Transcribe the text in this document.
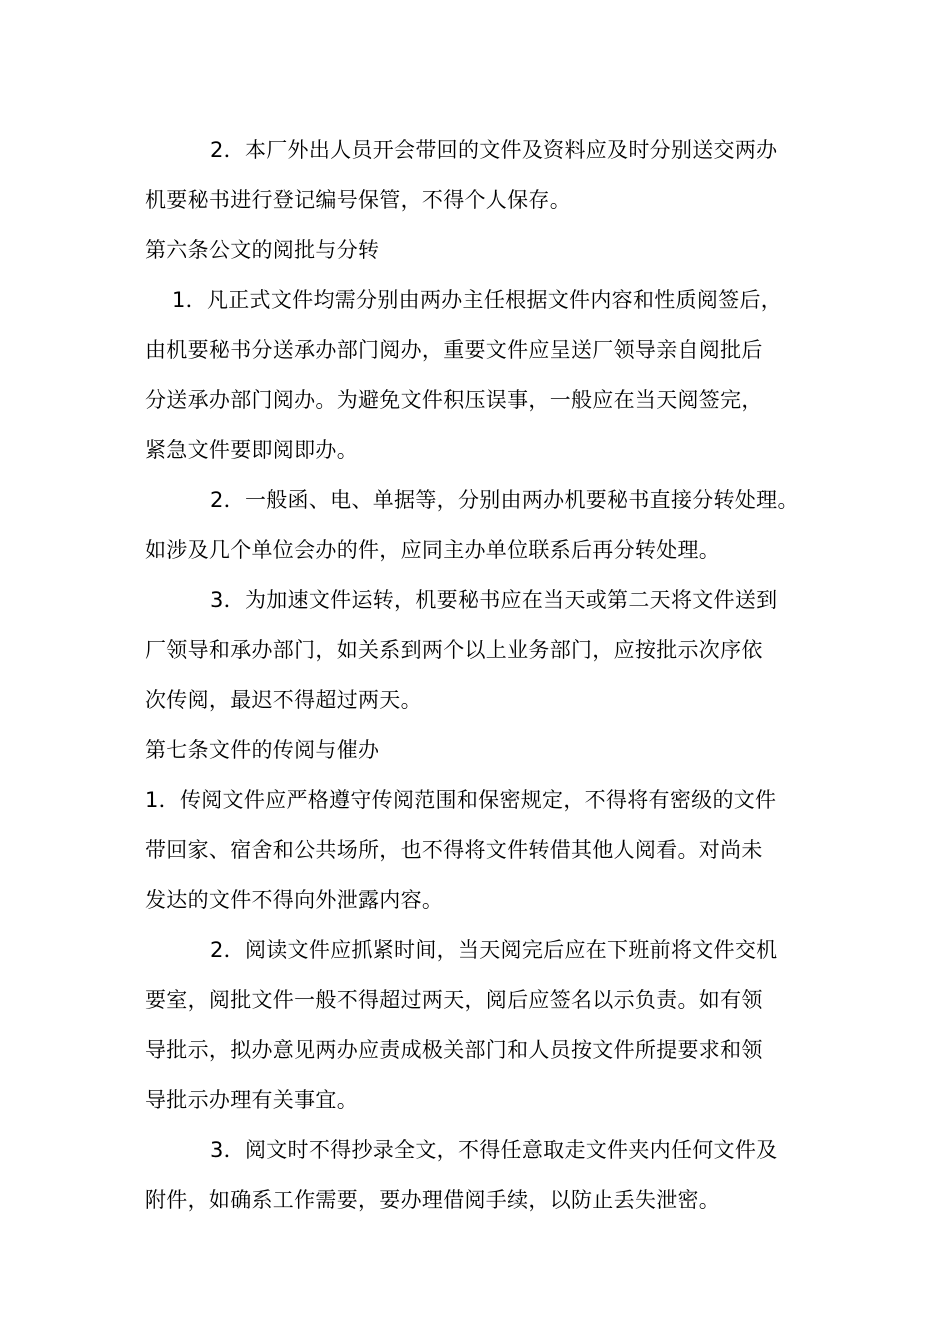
2．本厂外出人员开会带回的文件及资料应及时分别送交两办
机要秘书进行登记编号保管，不得个人保存。
第六条公文的阅批与分转
1．凡正式文件均需分别由两办主任根据文件内容和性质阅签后，
由机要秘书分送承办部门阅办，重要文件应呈送厂领导亲自阅批后
分送承办部门阅办。为避免文件积压误事，一般应在当天阅签完，
紧急文件要即阅即办。
2．一般函、电、单据等，分别由两办机要秘书直接分转处理。
如涉及几个单位会办的件，应同主办单位联系后再分转处理。
3．为加速文件运转，机要秘书应在当天或第二天将文件送到
厂领导和承办部门，如关系到两个以上业务部门，应按批示次序依
次传阅，最迟不得超过两天。
第七条文件的传阅与催办
1．传阅文件应严格遵守传阅范围和保密规定，不得将有密级的文件
带回家、宿舍和公共场所，也不得将文件转借其他人阅看。对尚未
发达的文件不得向外泄露内容。
2．阅读文件应抓紧时间，当天阅完后应在下班前将文件交机
要室，阅批文件一般不得超过两天，阅后应签名以示负责。如有领
导批示，拟办意见两办应责成极关部门和人员按文件所提要求和领
导批示办理有关事宜。
3．阅文时不得抄录全文，不得任意取走文件夹内任何文件及
附件，如确系工作需要，要办理借阅手续，以防止丢失泄密。
